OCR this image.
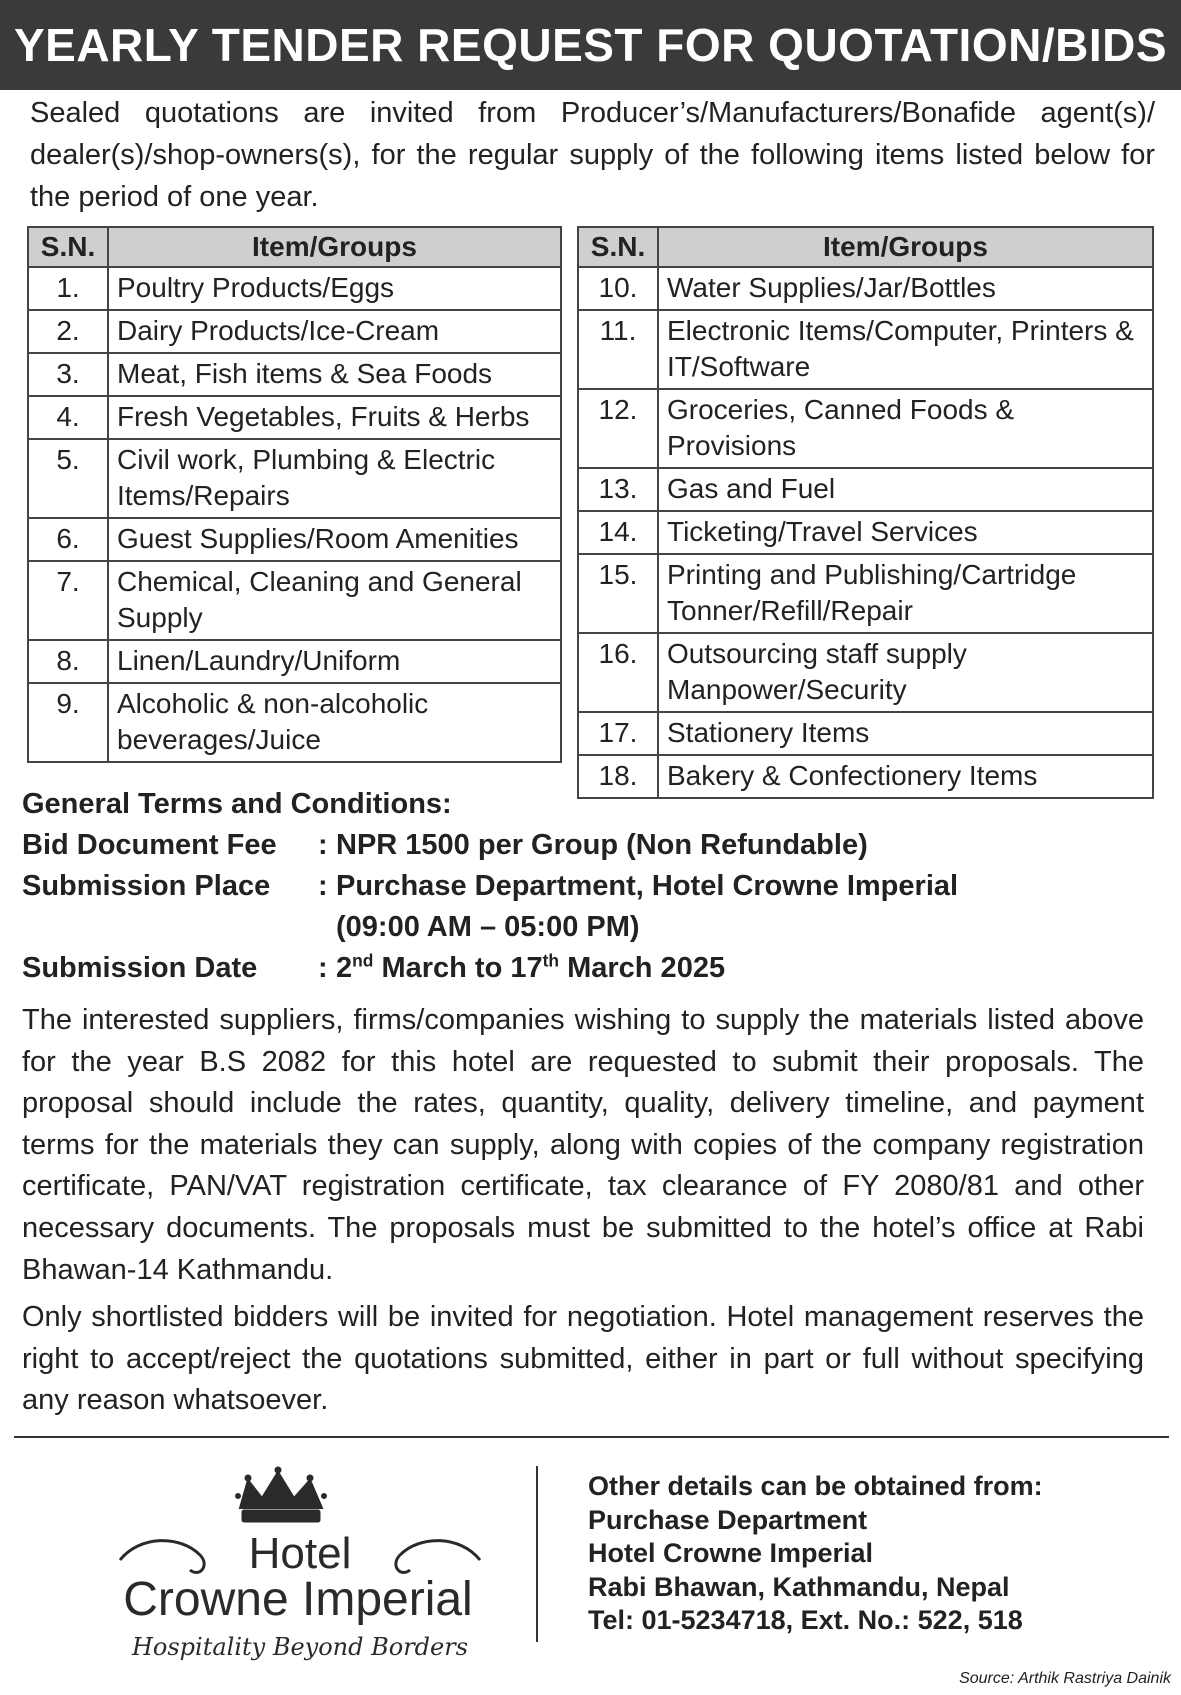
YEARLY TENDER REQUEST FOR QUOTATION/BIDS
Sealed quotations are invited from Producer’s/Manufacturers/Bonafide agent(s)/ dealer(s)/shop-owners(s), for the regular supply of the following items listed below for the period of one year.
S.N.	Item/Groups
1.	Poultry Products/Eggs
2.	Dairy Products/Ice-Cream
3.	Meat, Fish items & Sea Foods
4.	Fresh Vegetables, Fruits & Herbs
5.	Civil work, Plumbing & Electric Items/Repairs
6.	Guest Supplies/Room Amenities
7.	Chemical, Cleaning and General Supply
8.	Linen/Laundry/Uniform
9.	Alcoholic & non-alcoholic beverages/Juice
S.N.	Item/Groups
10.	Water Supplies/Jar/Bottles
11.	Electronic Items/Computer, Printers & IT/Software
12.	Groceries, Canned Foods & Provisions
13.	Gas and Fuel
14.	Ticketing/Travel Services
15.	Printing and Publishing/Cartridge Tonner/Refill/Repair
16.	Outsourcing staff supply Manpower/Security
17.	Stationery Items
18.	Bakery & Confectionery Items
General Terms and Conditions:
Bid Document Fee	: NPR 1500 per Group (Non Refundable)
Submission Place	: Purchase Department, Hotel Crowne Imperial
(09:00 AM – 05:00 PM)
Submission Date	: 2nd March to 17th March 2025
The interested suppliers, firms/companies wishing to supply the materials listed above for the year B.S 2082 for this hotel are requested to submit their proposals. The proposal should include the rates, quantity, quality, delivery timeline, and payment terms for the materials they can supply, along with copies of the company registration certificate, PAN/VAT registration certificate, tax clearance of FY 2080/81 and other necessary documents. The proposals must be submitted to the hotel’s office at Rabi Bhawan-14 Kathmandu.
Only shortlisted bidders will be invited for negotiation. Hotel management reserves the right to accept/reject the quotations submitted, either in part or full without specifying any reason whatsoever.
Hotel
Crowne Imperial
Hospitality Beyond Borders
Other details can be obtained from:
Purchase Department
Hotel Crowne Imperial
Rabi Bhawan, Kathmandu, Nepal
Tel: 01-5234718, Ext. No.: 522, 518
Source: Arthik Rastriya Dainik
